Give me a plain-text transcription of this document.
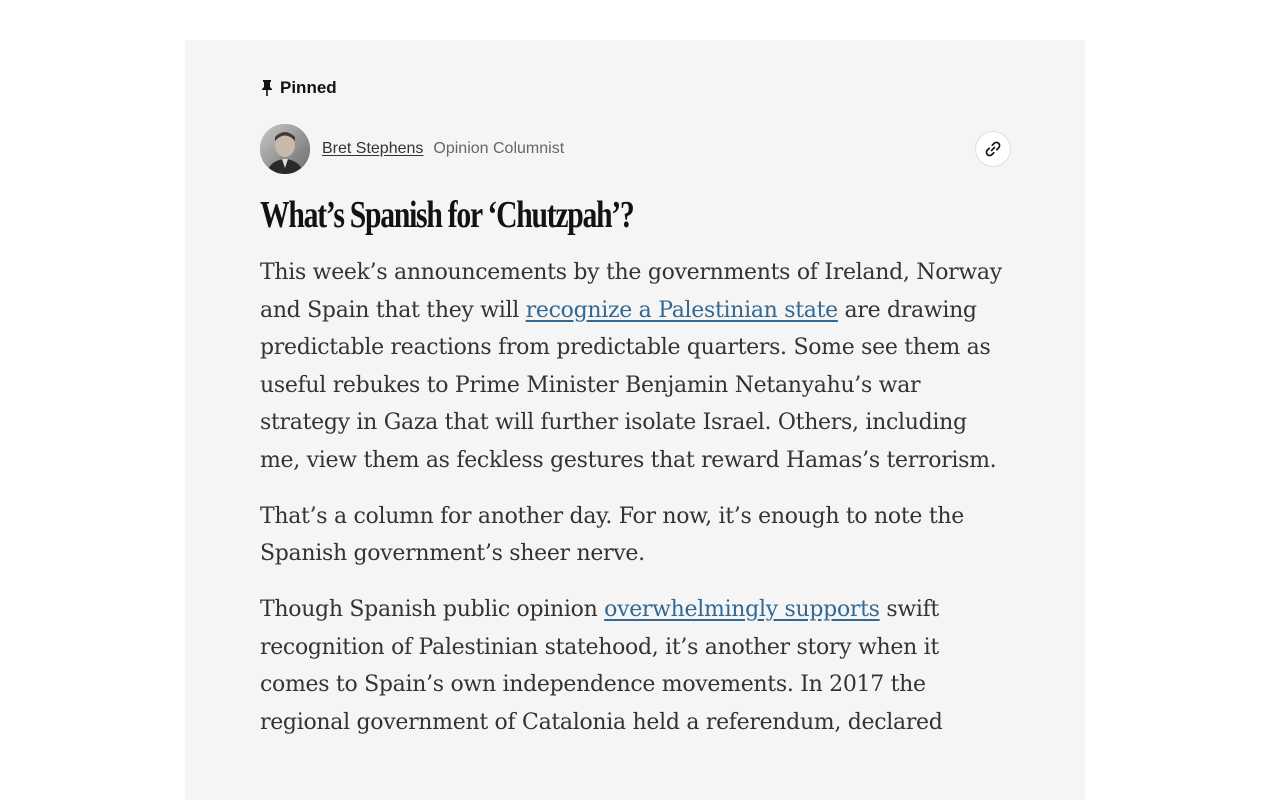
Pinned
Bret Stephens Opinion Columnist
What’s Spanish for ‘Chutzpah’?

This week’s announcements by the governments of Ireland, Norway and Spain that they will recognize a Palestinian state are drawing predictable reactions from predictable quarters. Some see them as useful rebukes to Prime Minister Benjamin Netanyahu’s war strategy in Gaza that will further isolate Israel. Others, including me, view them as feckless gestures that reward Hamas’s terrorism.

That’s a column for another day. For now, it’s enough to note the Spanish government’s sheer nerve.

Though Spanish public opinion overwhelmingly supports swift recognition of Palestinian statehood, it’s another story when it comes to Spain’s own independence movements. In 2017 the regional government of Catalonia held a referendum, declared
